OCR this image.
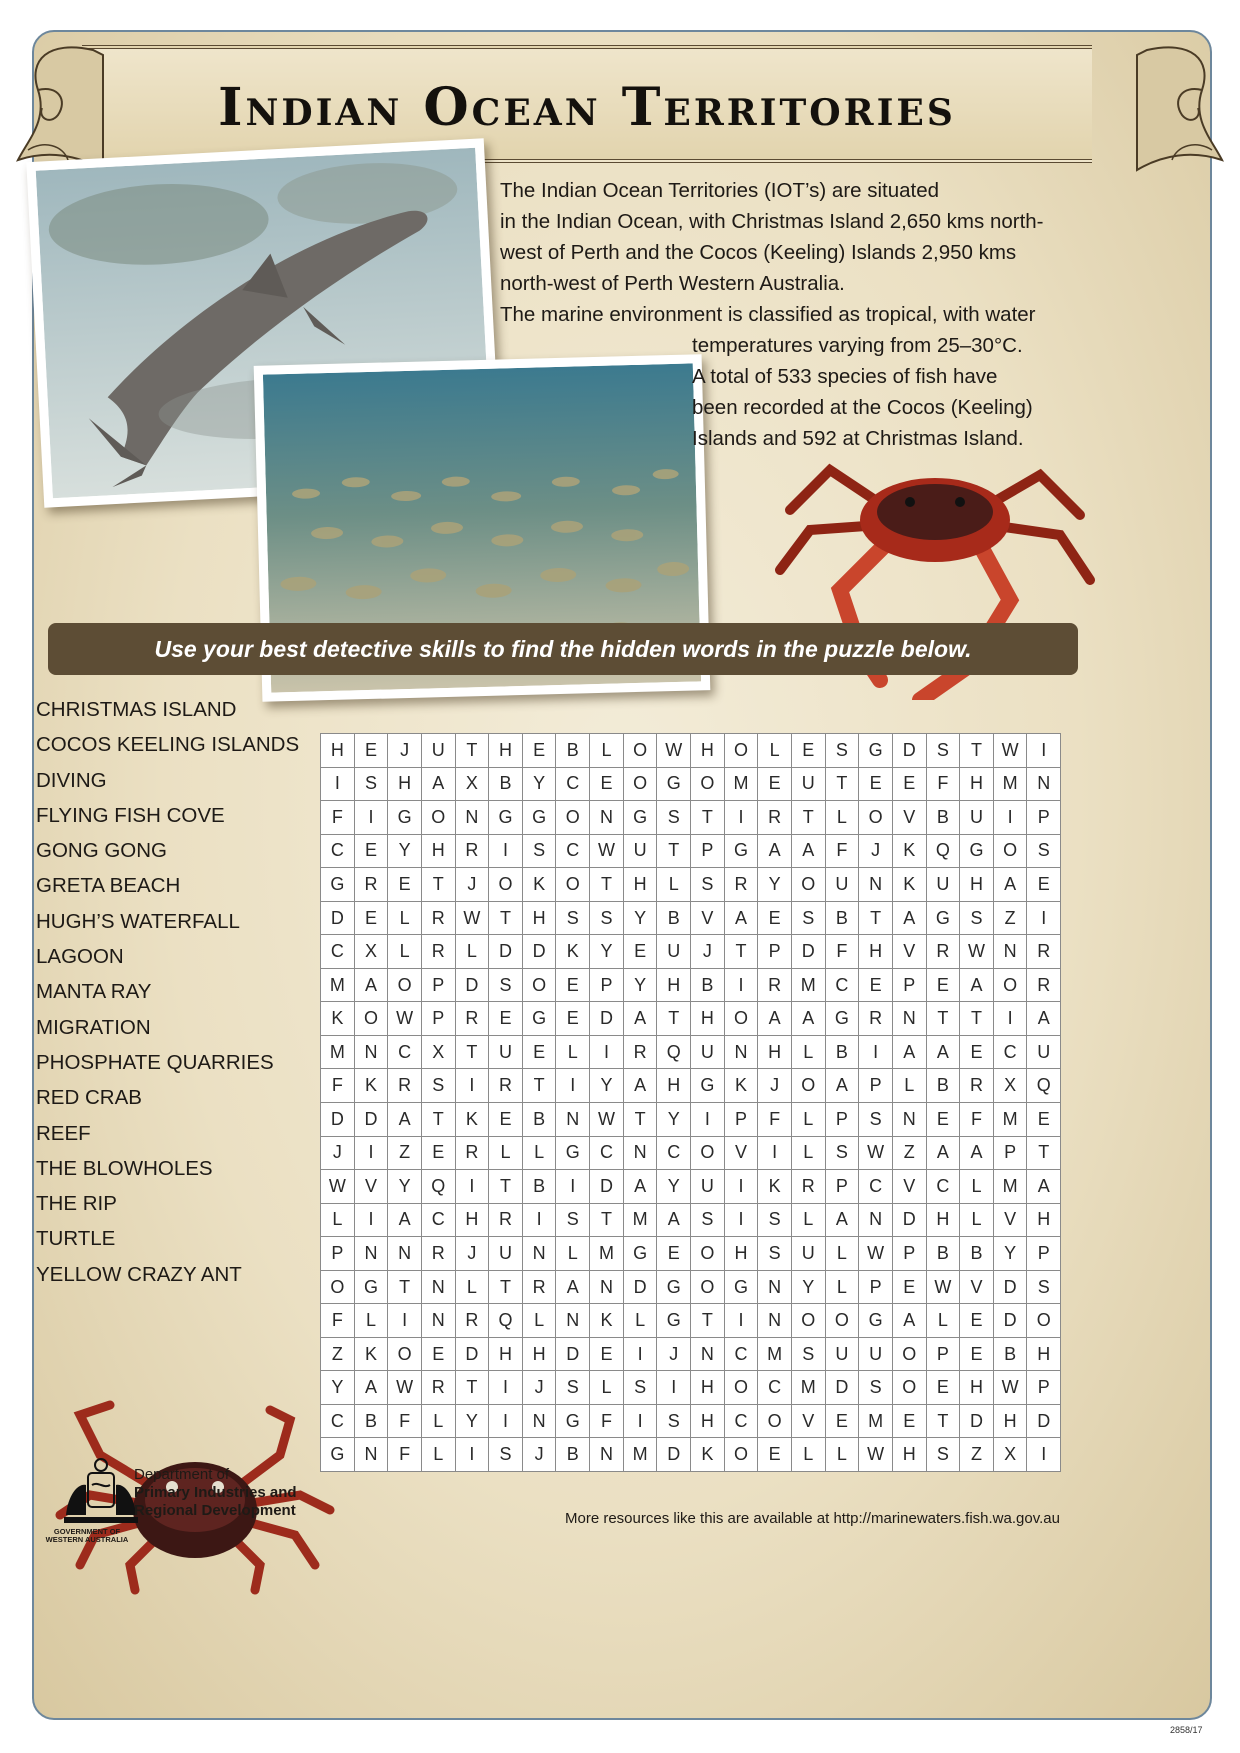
Indian Ocean Territories
The Indian Ocean Territories (IOT’s) are situated
in the Indian Ocean, with Christmas Island 2,650 kms north-
west of Perth and the Cocos (Keeling) Islands 2,950 kms
north-west of Perth Western Australia.
The marine environment is classified as tropical, with water
temperatures varying from 25–30°C.
A total of 533 species of fish have
been recorded at the Cocos (Keeling)
Islands and 592 at Christmas Island.
Use your best detective skills to find the hidden words in the puzzle below.
CHRISTMAS ISLAND
COCOS KEELING ISLANDS
DIVING
FLYING FISH COVE
GONG GONG
GRETA BEACH
HUGH’S WATERFALL
LAGOON
MANTA RAY
MIGRATION
PHOSPHATE QUARRIES
RED CRAB
REEF
THE BLOWHOLES
THE RIP
TURTLE
YELLOW CRAZY ANT
H	E	J	U	T	H	E	B	L	O	W	H	O	L	E	S	G	D	S	T	W	I
I	S	H	A	X	B	Y	C	E	O	G	O	M	E	U	T	E	E	F	H	M	N
F	I	G	O	N	G	G	O	N	G	S	T	I	R	T	L	O	V	B	U	I	P
C	E	Y	H	R	I	S	C	W	U	T	P	G	A	A	F	J	K	Q	G	O	S
G	R	E	T	J	O	K	O	T	H	L	S	R	Y	O	U	N	K	U	H	A	E
D	E	L	R	W	T	H	S	S	Y	B	V	A	E	S	B	T	A	G	S	Z	I
C	X	L	R	L	D	D	K	Y	E	U	J	T	P	D	F	H	V	R	W	N	R
M	A	O	P	D	S	O	E	P	Y	H	B	I	R	M	C	E	P	E	A	O	R
K	O	W	P	R	E	G	E	D	A	T	H	O	A	A	G	R	N	T	T	I	A
M	N	C	X	T	U	E	L	I	R	Q	U	N	H	L	B	I	A	A	E	C	U
F	K	R	S	I	R	T	I	Y	A	H	G	K	J	O	A	P	L	B	R	X	Q
D	D	A	T	K	E	B	N	W	T	Y	I	P	F	L	P	S	N	E	F	M	E
J	I	Z	E	R	L	L	G	C	N	C	O	V	I	L	S	W	Z	A	A	P	T
W	V	Y	Q	I	T	B	I	D	A	Y	U	I	K	R	P	C	V	C	L	M	A
L	I	A	C	H	R	I	S	T	M	A	S	I	S	L	A	N	D	H	L	V	H
P	N	N	R	J	U	N	L	M	G	E	O	H	S	U	L	W	P	B	B	Y	P
O	G	T	N	L	T	R	A	N	D	G	O	G	N	Y	L	P	E	W	V	D	S
F	L	I	N	R	Q	L	N	K	L	G	T	I	N	O	O	G	A	L	E	D	O
Z	K	O	E	D	H	H	D	E	I	J	N	C	M	S	U	U	O	P	E	B	H
Y	A	W	R	T	I	J	S	L	S	I	H	O	C	M	D	S	O	E	H	W	P
C	B	F	L	Y	I	N	G	F	I	S	H	C	O	V	E	M	E	T	D	H	D
G	N	F	L	I	S	J	B	N	M	D	K	O	E	L	L	W	H	S	Z	X	I
GOVERNMENT OF
WESTERN AUSTRALIA
Department of
Primary Industries and
Regional Development	More resources like this are available at http://marinewaters.fish.wa.gov.au
2858/17
